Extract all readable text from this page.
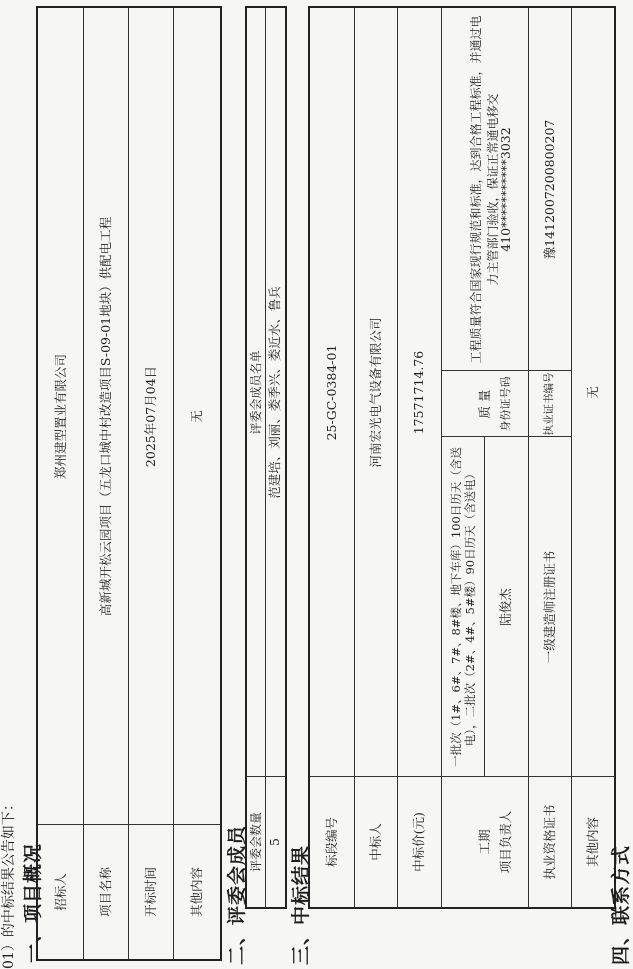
01）的中标结果公告如下： 一、项目概况 招标人
郑州建型置业有限公司
项目名称
高新城开松云园项目（五龙口城中村改造项目S-09-01地块）供配电工程
开标时间
2025年07月04日
其他内容
无
二、评委会成员 评委会数量
评委会成员名单
5
范建培、刘丽、娄季兴、娄近水、鲁兵
三、中标结果
标段编号
25-GC-0384-01
中标人
河南宏光电气设备有限公司
中标价(元)
17571714.76
工期
一批次（1#、6#、7#、8#楼、地下车库）100日历天（含送电），二批次（2#、4#、5#楼）90日历天（含送电）
质 量
工程质量符合国家现行规范和标准，达到合格工程标准，并通过电力主管部门验收，保证正常通电移交
项目负责人
陆俊杰
身份证号码
410***********3032
执业资格证书
一级建造师注册证书
执业证书编号
豫141200720080020​7
其他内容
无
四、联系方式
